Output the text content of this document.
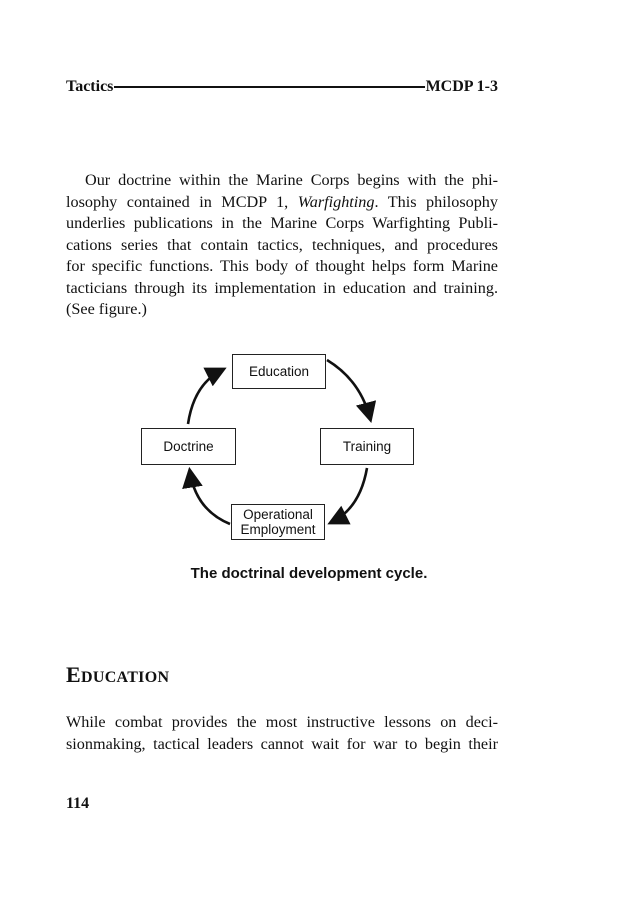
Tactics	MCDP 1-3
Our doctrine within the Marine Corps begins with the phi-
losophy contained in MCDP 1, Warfighting. This philosophy
underlies publications in the Marine Corps Warfighting Publi-
cations series that contain tactics, techniques, and procedures
for specific functions. This body of thought helps form Marine
tacticians through its implementation in education and training.
(See figure.)
Education
Training
Operational
Employment
Doctrine
The doctrinal development cycle.
EDUCATION
While combat provides the most instructive lessons on deci-
sionmaking, tactical leaders cannot wait for war to begin their
114
